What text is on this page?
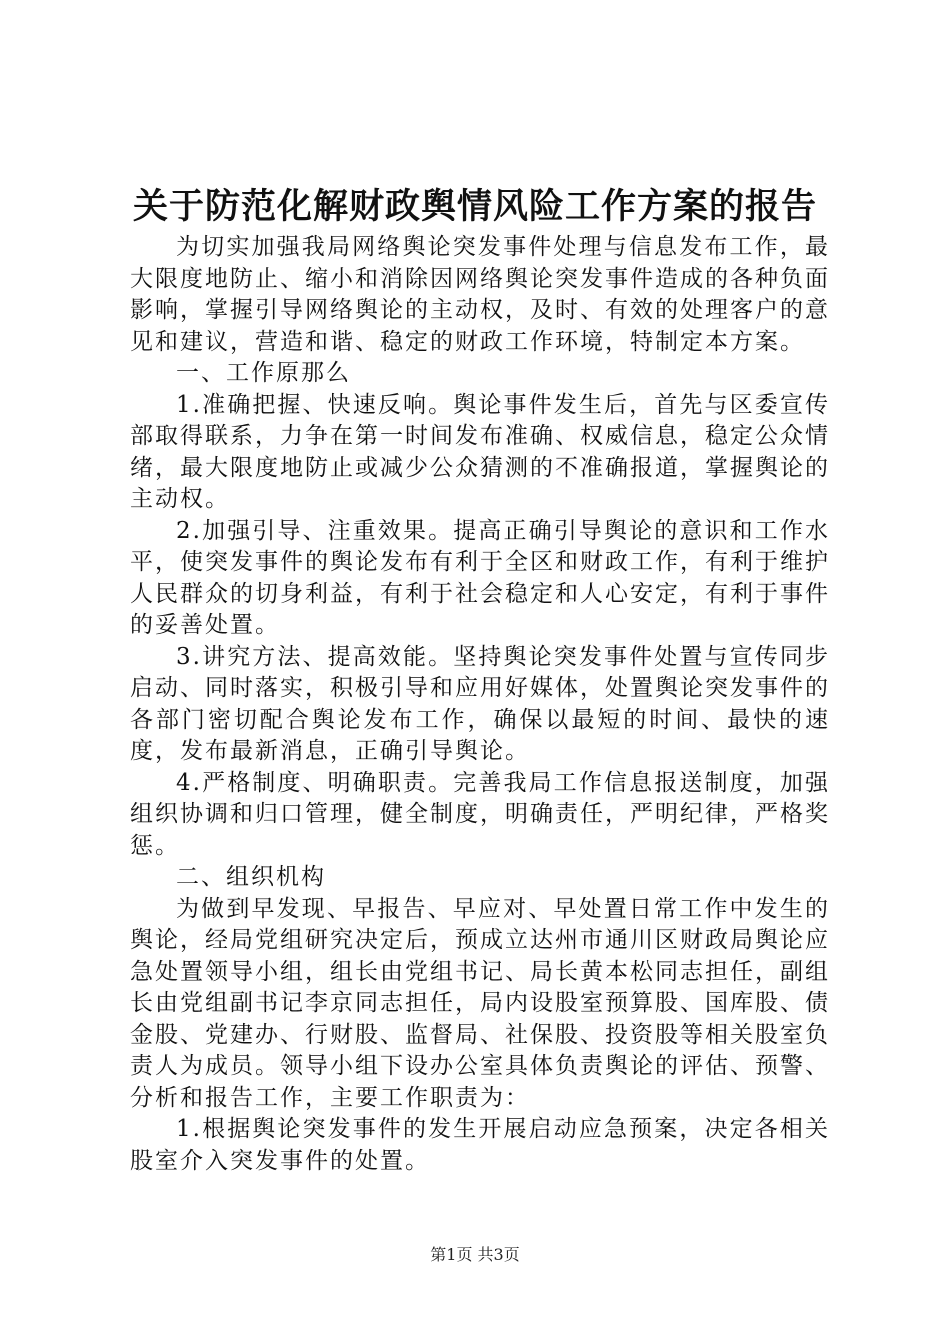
关于防范化解财政舆情风险工作方案的报告

为切实加强我局网络舆论突发事件处理与信息发布工作，最大限度地防止、缩小和消除因网络舆论突发事件造成的各种负面影响，掌握引导网络舆论的主动权，及时、有效的处理客户的意见和建议，营造和谐、稳定的财政工作环境，特制定本方案。

一、工作原那么

1.准确把握、快速反响。舆论事件发生后，首先与区委宣传部取得联系，力争在第一时间发布准确、权威信息，稳定公众情绪，最大限度地防止或减少公众猜测的不准确报道，掌握舆论的主动权。

2.加强引导、注重效果。提高正确引导舆论的意识和工作水平，使突发事件的舆论发布有利于全区和财政工作，有利于维护人民群众的切身利益，有利于社会稳定和人心安定，有利于事件的妥善处置。

3.讲究方法、提高效能。坚持舆论突发事件处置与宣传同步启动、同时落实，积极引导和应用好媒体，处置舆论突发事件的各部门密切配合舆论发布工作，确保以最短的时间、最快的速度，发布最新消息，正确引导舆论。

4.严格制度、明确职责。完善我局工作信息报送制度，加强组织协调和归口管理，健全制度，明确责任，严明纪律，严格奖惩。

二、组织机构

为做到早发现、早报告、早应对、早处置日常工作中发生的舆论，经局党组研究决定后，预成立达州市通川区财政局舆论应急处置领导小组，组长由党组书记、局长黄本松同志担任，副组长由党组副书记李京同志担任，局内设股室预算股、国库股、债金股、党建办、行财股、监督局、社保股、投资股等相关股室负责人为成员。领导小组下设办公室具体负责舆论的评估、预警、分析和报告工作，主要工作职责为：

1.根据舆论突发事件的发生开展启动应急预案，决定各相关股室介入突发事件的处置。

第1页 共3页
